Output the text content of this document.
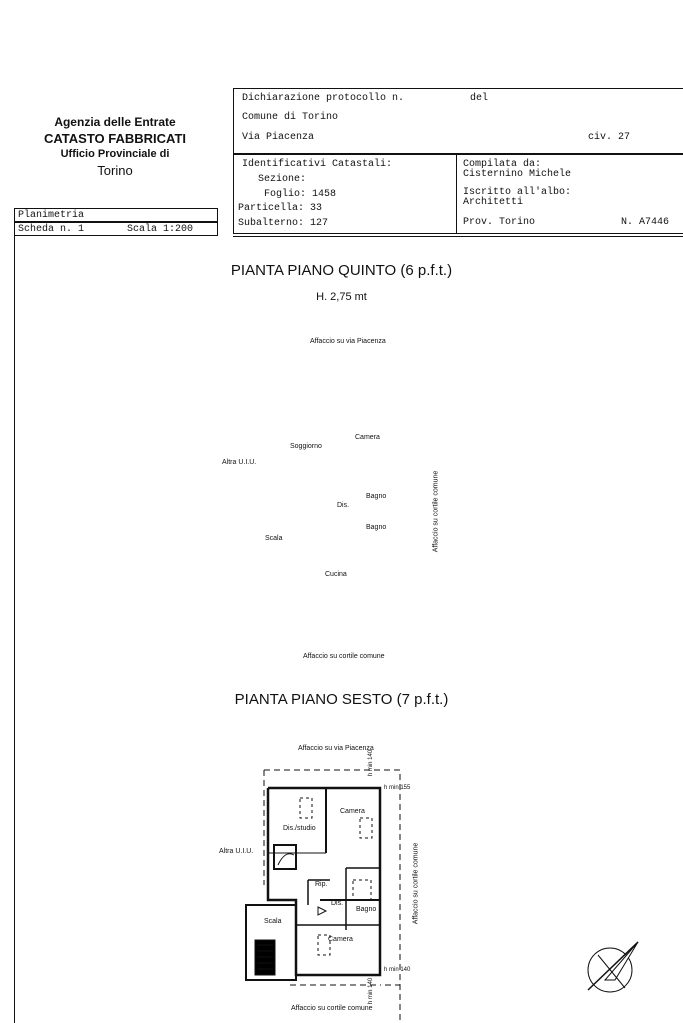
Agenzia delle Entrate
CATASTO FABBRICATI
Ufficio Provinciale di
Torino
Planimetria
Scheda n. 1	Scala 1:200
Dichiarazione protocollo n.	del
Comune di Torino
Via Piacenza	civ. 27
Identificativi Catastali:
Sezione:
Foglio: 1458
Particella: 33
Subalterno: 127
Compilata da:
Cisternino Michele
Iscritto all'albo:
Architetti
Prov. Torino	N. A7446
PIANTA PIANO QUINTO (6 p.f.t.)
H. 2,75 mt
Affaccio su via Piacenza
Affaccio su cortile comune
Altra U.I.U.
Affaccio su cortile comune
Soggiorno
Camera
Bagno
Dis.
Bagno
Scala
Cucina
PIANTA PIANO SESTO (7 p.f.t.)
Affaccio su via Piacenza
Affaccio su cortile comune
Altra U.I.U.	Affaccio su cortile comune
h min 140
h min 155
h min 140
h min 140
Camera
Dis./studio
Rip.
Dis.
Bagno
Scala
Camera
